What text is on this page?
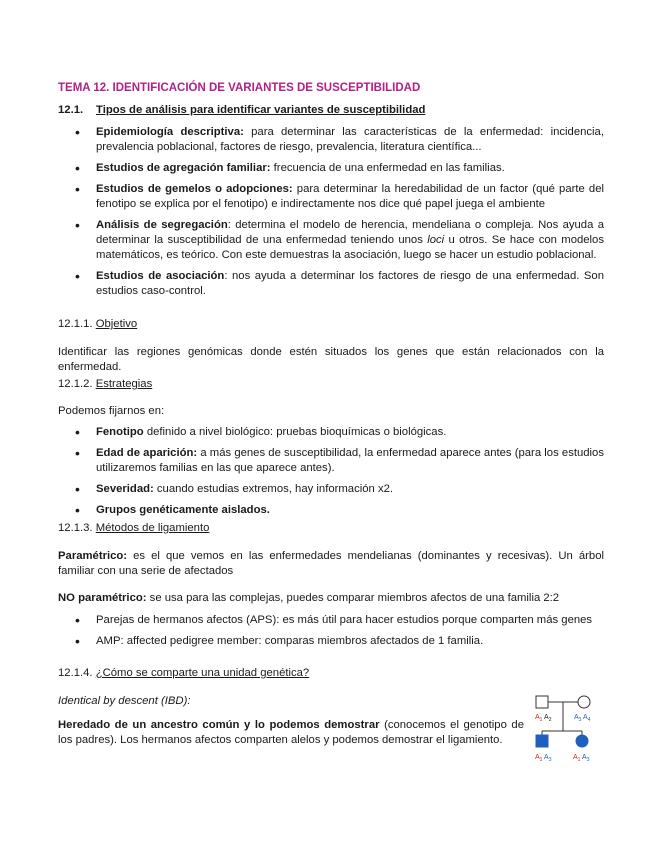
TEMA 12. IDENTIFICACIÓN DE VARIANTES DE SUSCEPTIBILIDAD
12.1. Tipos de análisis para identificar variantes de susceptibilidad
• Epidemiología descriptiva: para determinar las características de la enfermedad: incidencia, prevalencia poblacional, factores de riesgo, prevalencia, literatura científica...
• Estudios de agregación familiar: frecuencia de una enfermedad en las familias.
• Estudios de gemelos o adopciones: para determinar la heredabilidad de un factor (qué parte del fenotipo se explica por el fenotipo) e indirectamente nos dice qué papel juega el ambiente
• Análisis de segregación: determina el modelo de herencia, mendeliana o compleja. Nos ayuda a determinar la susceptibilidad de una enfermedad teniendo unos loci u otros. Se hace con modelos matemáticos, es teórico. Con este demuestras la asociación, luego se hacer un estudio poblacional.
• Estudios de asociación: nos ayuda a determinar los factores de riesgo de una enfermedad. Son estudios caso-control.
12.1.1. Objetivo
Identificar las regiones genómicas donde estén situados los genes que están relacionados con la enfermedad.
12.1.2. Estrategias
Podemos fijarnos en:
• Fenotipo definido a nivel biológico: pruebas bioquímicas o biológicas.
• Edad de aparición: a más genes de susceptibilidad, la enfermedad aparece antes (para los estudios utilizaremos familias en las que aparece antes).
• Severidad: cuando estudias extremos, hay información x2.
• Grupos genéticamente aislados.
12.1.3. Métodos de ligamiento
Paramétrico: es el que vemos en las enfermedades mendelianas (dominantes y recesivas). Un árbol familiar con una serie de afectados
NO paramétrico: se usa para las complejas, puedes comparar miembros afectos de una familia 2:2
• Parejas de hermanos afectos (APS): es más útil para hacer estudios porque comparten más genes
• AMP: affected pedigree member: comparas miembros afectados de 1 familia.
12.1.4. ¿Cómo se comparte una unidad genética?
Identical by descent (IBD):
Heredado de un ancestro común y lo podemos demostrar (conocemos el genotipo de los padres). Los hermanos afectos comparten alelos y podemos demostrar el ligamiento.
$A_1$ $A_2$	$A_3$ $A_4$
$A_1$ $A_3$	$A_1$ $A_3$
